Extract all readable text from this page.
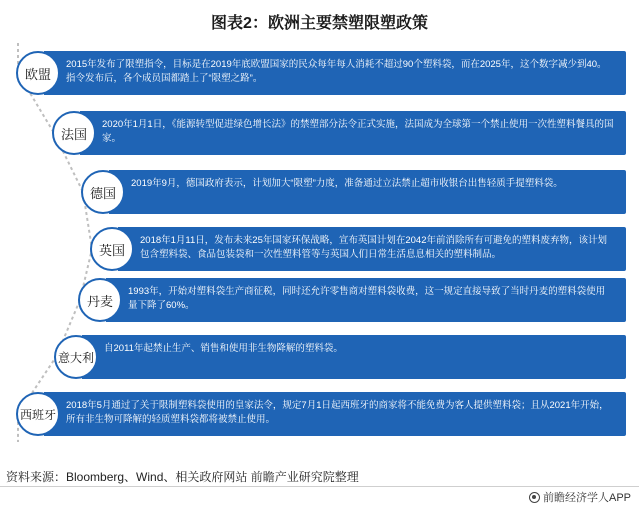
图表2：欧洲主要禁塑限塑政策
2015年发布了限塑指令，目标是在2019年底欧盟国家的民众每年每人消耗不超过90个塑料袋，而在2025年，这个数字减少到40。指令发布后，各个成员国都踏上了“限塑之路”。
欧盟
2020年1月1日，《能源转型促进绿色增长法》的禁塑部分法令正式实施，法国成为全球第一个禁止使用一次性塑料餐具的国家。
法国
2019年9月，德国政府表示，计划加大“限塑”力度，准备通过立法禁止超市收银台出售轻质手提塑料袋。
德国
2018年1月11日，发布未来25年国家环保战略，宣布英国计划在2042年前消除所有可避免的塑料废弃物，该计划包含塑料袋、食品包装袋和一次性塑料管等与英国人们日常生活息息相关的塑料制品。
英国
1993年，开始对塑料袋生产商征税，同时还允许零售商对塑料袋收费，这一规定直接导致了当时丹麦的塑料袋使用量下降了60%。
丹麦
自2011年起禁止生产、销售和使用非生物降解的塑料袋。
意大利
2018年5月通过了关于限制塑料袋使用的皇家法令，规定7月1日起西班牙的商家将不能免费为客人提供塑料袋；且从2021年开始，所有非生物可降解的轻质塑料袋都将被禁止使用。
西班牙
资料来源：Bloomberg、Wind、相关政府网站 前瞻产业研究院整理
前瞻经济学人APP
